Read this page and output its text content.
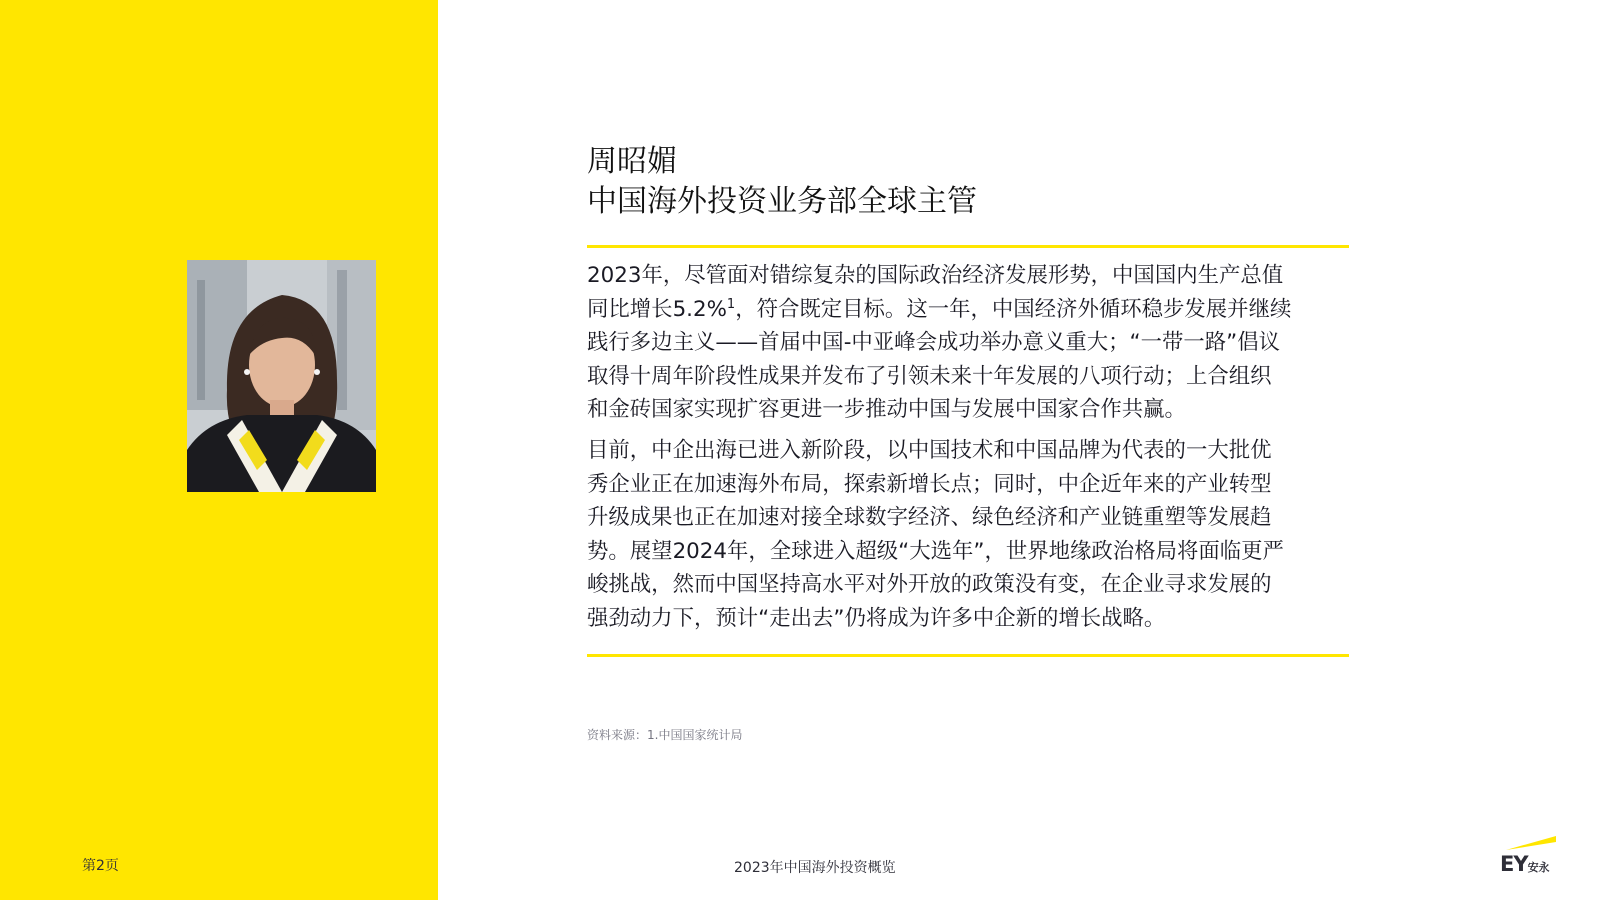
第2页
周昭媚
中国海外投资业务部全球主管

2023年，尽管面对错综复杂的国际政治经济发展形势，中国国内生产总值
同比增长5.2%$^1$，符合既定目标。这一年，中国经济外循环稳步发展并继续
践行多边主义——首届中国-中亚峰会成功举办意义重大；“一带一路”倡议
取得十周年阶段性成果并发布了引领未来十年发展的八项行动；上合组织
和金砖国家实现扩容更进一步推动中国与发展中国家合作共赢。

目前，中企出海已进入新阶段，以中国技术和中国品牌为代表的一大批优
秀企业正在加速海外布局，探索新增长点；同时，中企近年来的产业转型
升级成果也正在加速对接全球数字经济、绿色经济和产业链重塑等发展趋
势。展望2024年，全球进入超级“大选年”，世界地缘政治格局将面临更严
峻挑战，然而中国坚持高水平对外开放的政策没有变，在企业寻求发展的
强劲动力下，预计“走出去”仍将成为许多中企新的增长战略。

资料来源：1.中国国家统计局
2023年中国海外投资概览	EY安永
